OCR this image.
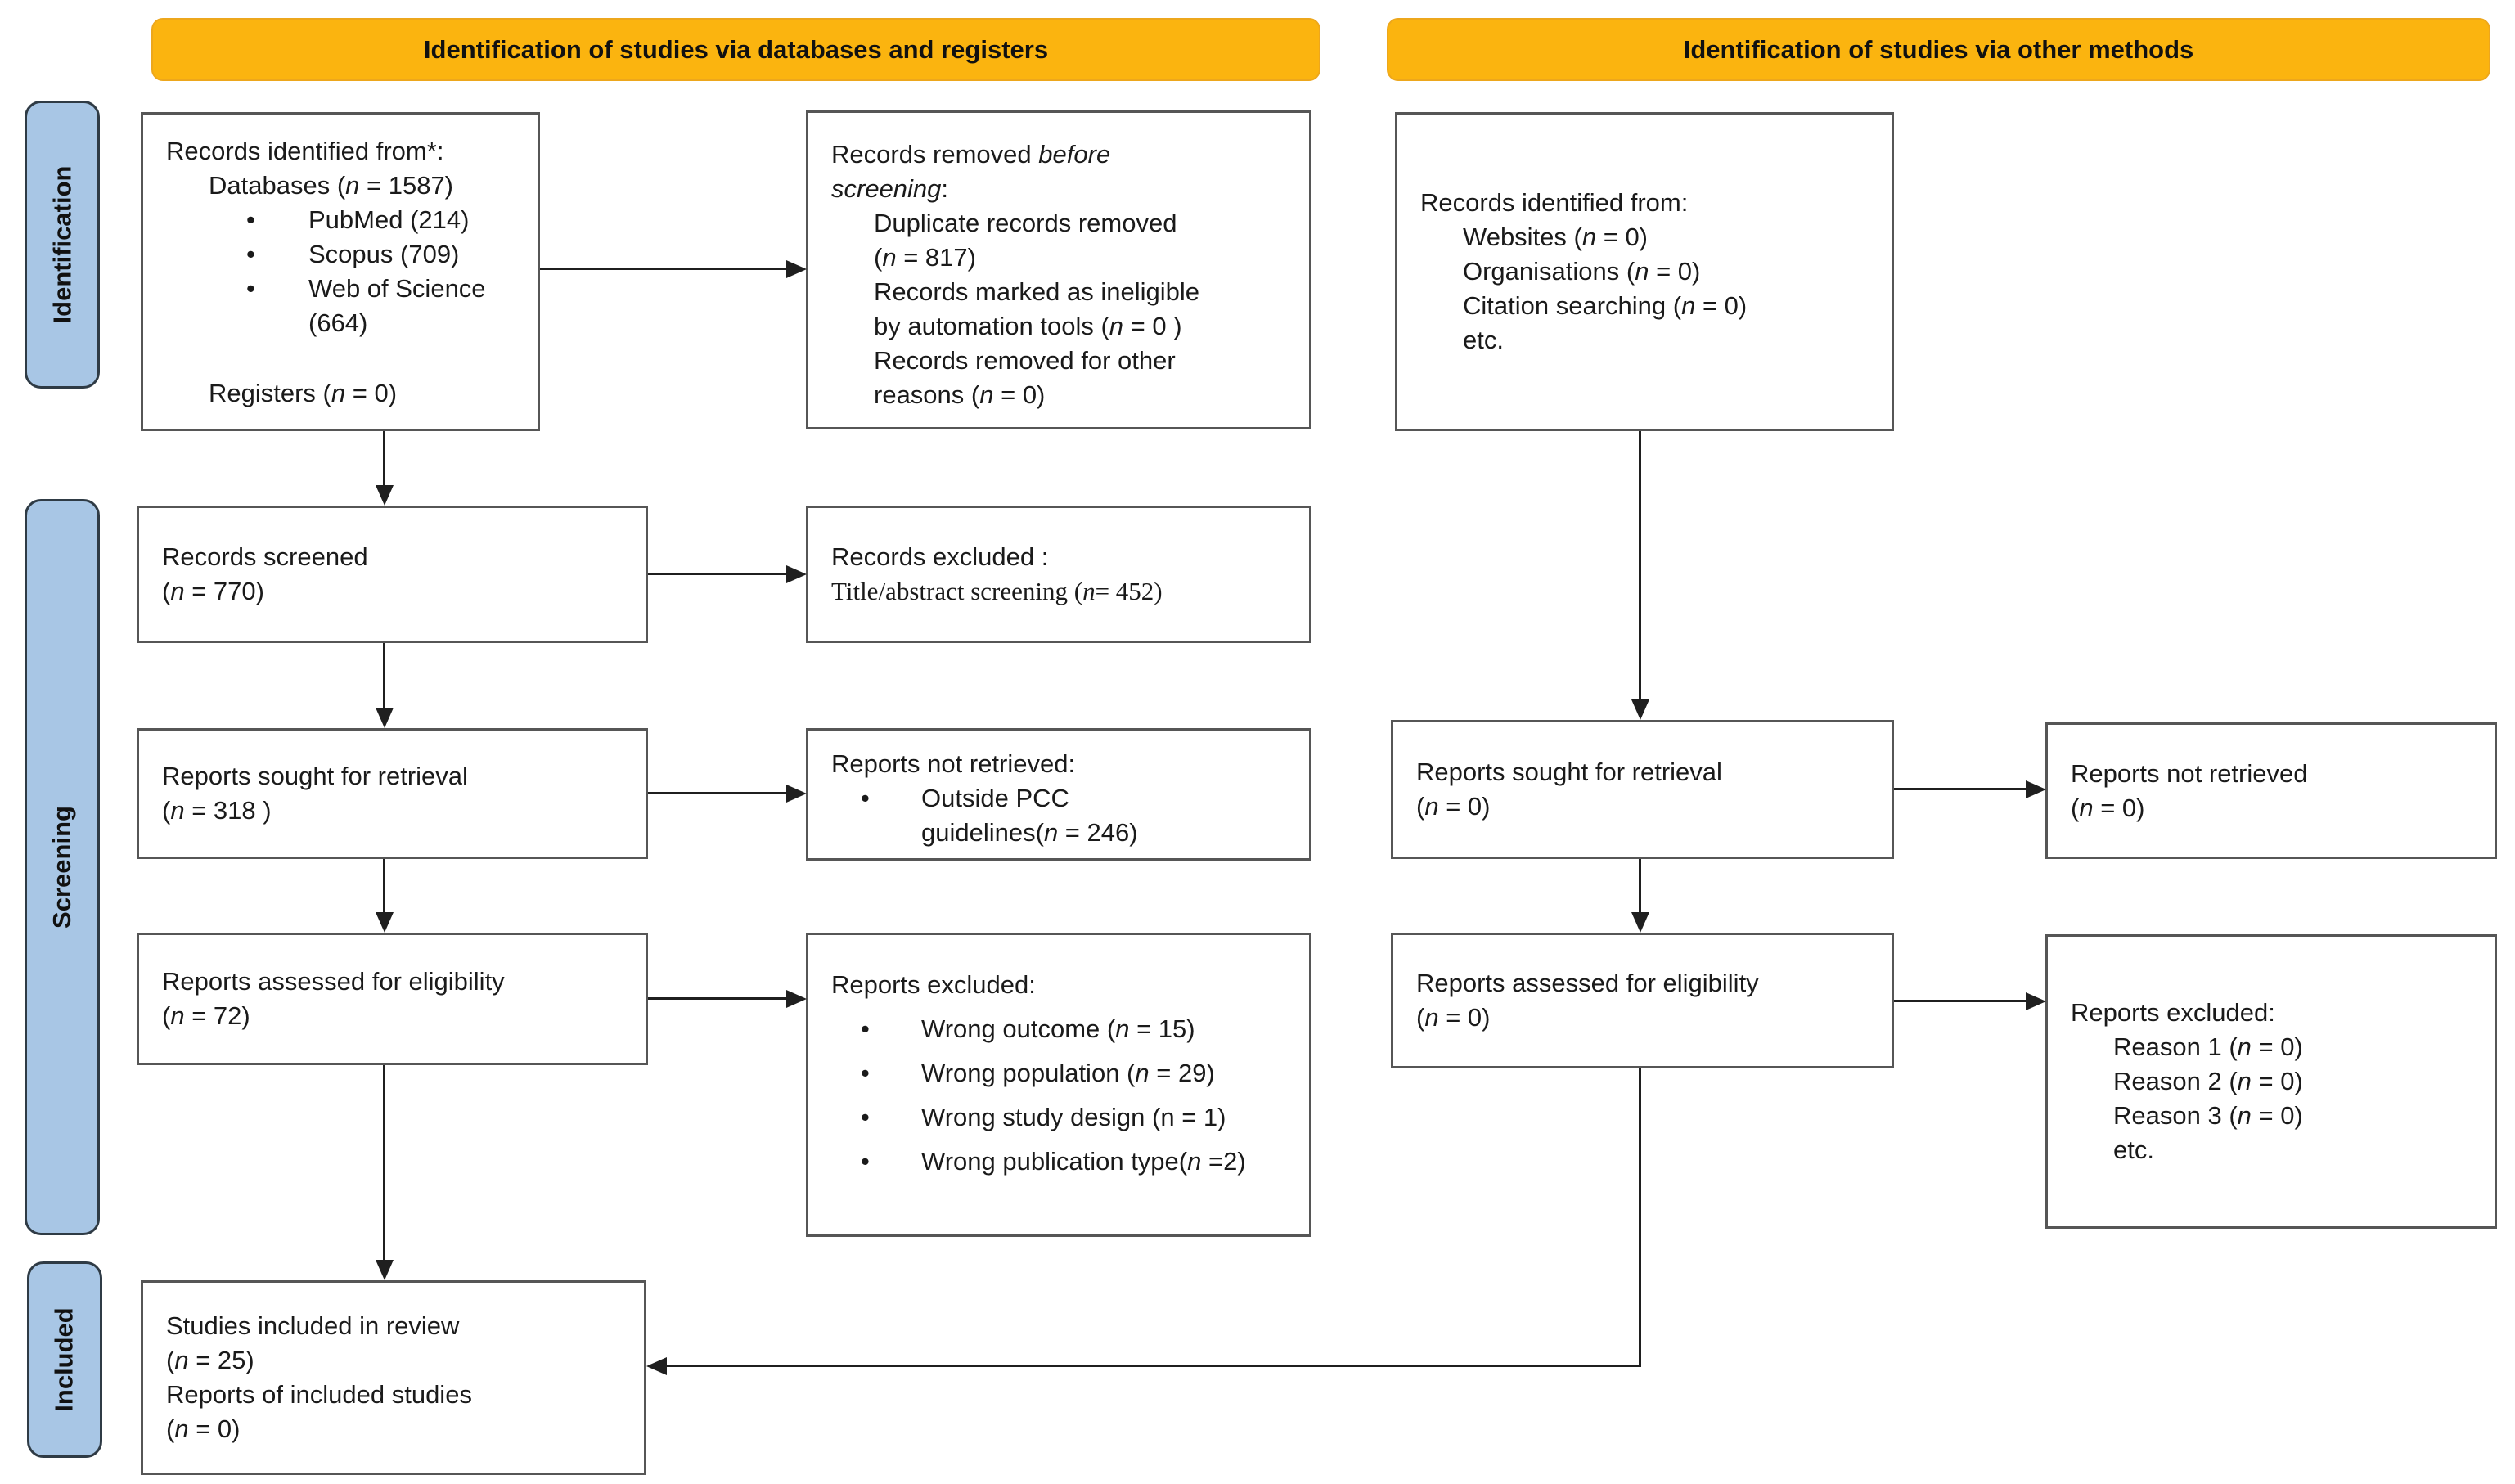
Identification of studies via databases and registers	Identification of studies via other methods
Identification
Screening
Included
Records identified from*:
Databases (n = 1587)
• PubMed (214)
• Scopus (709)
• Web of Science
(664)
Registers (n = 0)
Records screened
(n = 770)
Reports sought for retrieval
(n = 318 )
Reports assessed for eligibility
(n = 72)
Studies included in review
(n = 25)
Reports of included studies
(n = 0)
Records removed before
screening:
Duplicate records removed
(n = 817)
Records marked as ineligible
by automation tools (n = 0 )
Records removed for other
reasons (n = 0)
Records excluded :
Title/abstract screening (n= 452)
Reports not retrieved:
• Outside PCC
guidelines(n = 246)
Reports excluded:
• Wrong outcome (n = 15)
• Wrong population (n = 29)
• Wrong study design (n = 1)
• Wrong publication type(n =2)
Records identified from:
Websites (n = 0)
Organisations (n = 0)
Citation searching (n = 0)
etc.
Reports sought for retrieval
(n = 0)
Reports assessed for eligibility
(n = 0)
Reports not retrieved
(n = 0)
Reports excluded:
Reason 1 (n = 0)
Reason 2 (n = 0)
Reason 3 (n = 0)
etc.
